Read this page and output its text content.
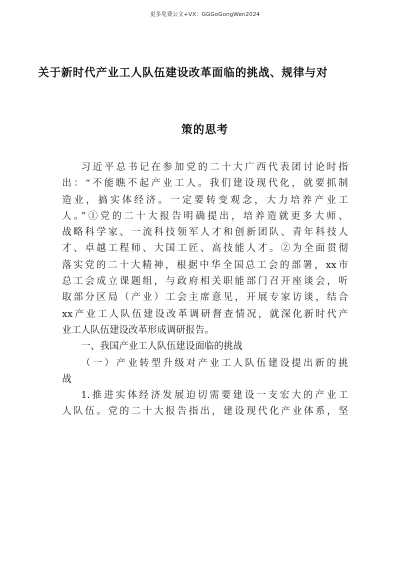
更多免费公文+VX：GGGoGongWen2024
关于新时代产业工人队伍建设改革面临的挑战、规律与对
策的思考
习近平总书记在参加党的二十大广西代表团讨论时指
出：“不能瞧不起产业工人。我们建设现代化，就要抓制
造业，搞实体经济。一定要转变观念，大力培养产业工
人。”①党的二十大报告明确提出，培养造就更多大师、
战略科学家、一流科技领军人才和创新团队、青年科技人
才、卓越工程师、大国工匠、高技能人才。②为全面贯彻
落实党的二十大精神，根据中华全国总工会的部署，xx市
总工会成立课题组，与政府相关职能部门召开座谈会，听
取部分区局（产业）工会主席意见，开展专家访谈，结合
xx产业工人队伍建设改革调研督查情况，就深化新时代产
业工人队伍建设改革形成调研报告。
一、我国产业工人队伍建设面临的挑战
（一）产业转型升级对产业工人队伍建设提出新的挑
战
1.推进实体经济发展迫切需要建设一支宏大的产业工
人队伍。党的二十大报告指出，建设现代化产业体系，坚
